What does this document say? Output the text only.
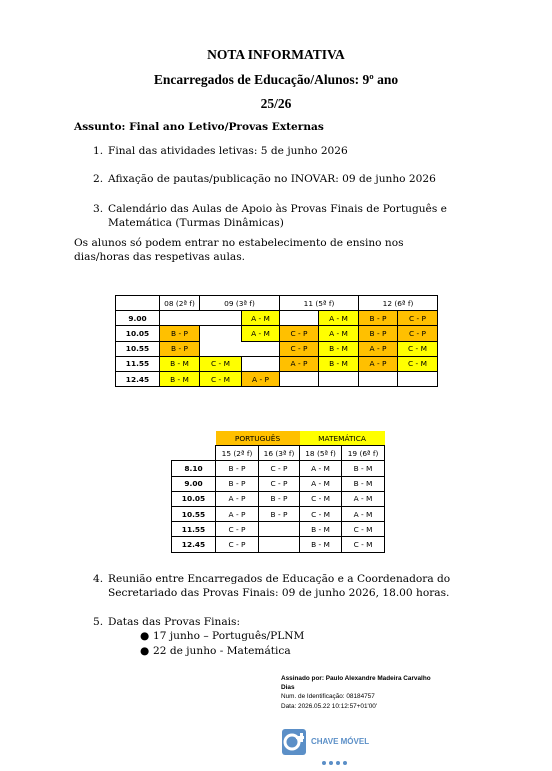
NOTA INFORMATIVA
Encarregados de Educação/Alunos: 9º ano
25/26
Assunto: Final ano Letivo/Provas Externas
1. Final das atividades letivas: 5 de junho 2026
2. Afixação de pautas/publicação no INOVAR: 09 de junho 2026
3. Calendário das Aulas de Apoio às Provas Finais de Português e
Matemática (Turmas Dinâmicas)
Os alunos só podem entrar no estabelecimento de ensino nos
dias/horas das respetivas aulas.
	08 (2ª f)	09 (3ª f)		11 (5ª f)		12 (6ª f)		
9.00			A - M		A - M	B - P	C - P	
10.05	B - P		A - M	C - P	A - M	B - P	C - P	
10.55	B - P			C - P	B - M	A - P	C - M	
11.55	B - M	C - M		A - P	B - M	A - P	C - M	
12.45	B - M	C - M	A - P					
	PORTUGUÊS		MATEMÁTICA	
	15 (2ª f)	16 (3ª f)	18 (5ª f)	19 (6ª f)
8.10	B - P	C - P	A - M	B - M
9.00	B - P	C - P	A - M	B - M
10.05	A - P	B - P	C - M	A - M
10.55	A - P	B - P	C - M	A - M
11.55	C - P		B - M	C - M
12.45	C - P		B - M	C - M
4. Reunião entre Encarregados de Educação e a Coordenadora do
Secretariado das Provas Finais: 09 de junho 2026, 18.00 horas.
5. Datas das Provas Finais:
● 17 junho – Português/PLNM
● 22 de junho - Matemática
Assinado por: Paulo Alexandre Madeira Carvalho
Dias
Num. de Identificação: 08184757
Data: 2026.05.22 10:12:57+01'00'
CHAVE MÓVEL
